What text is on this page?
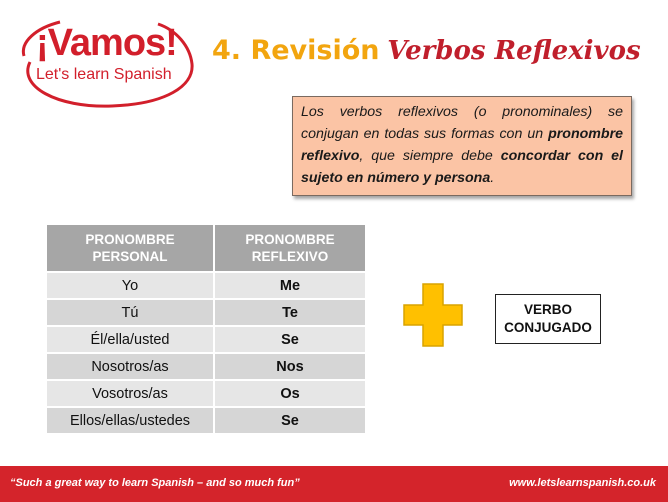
¡Vamos!
Let's learn Spanish
4. Revisión Verbos Reflexivos
Los verbos reflexivos (o pronominales) se conjugan en todas sus formas con un pronombre reflexivo, que siempre debe concordar con el sujeto en número y persona.
PRONOMBRE PERSONAL	PRONOMBRE REFLEXIVO
Yo	Me
Tú	Te
Él/ella/usted	Se
Nosotros/as	Nos
Vosotros/as	Os
Ellos/ellas/ustedes	Se
VERBO
CONJUGADO
“Such a great way to learn Spanish – and so much fun”	www.letslearnspanish.co.uk
